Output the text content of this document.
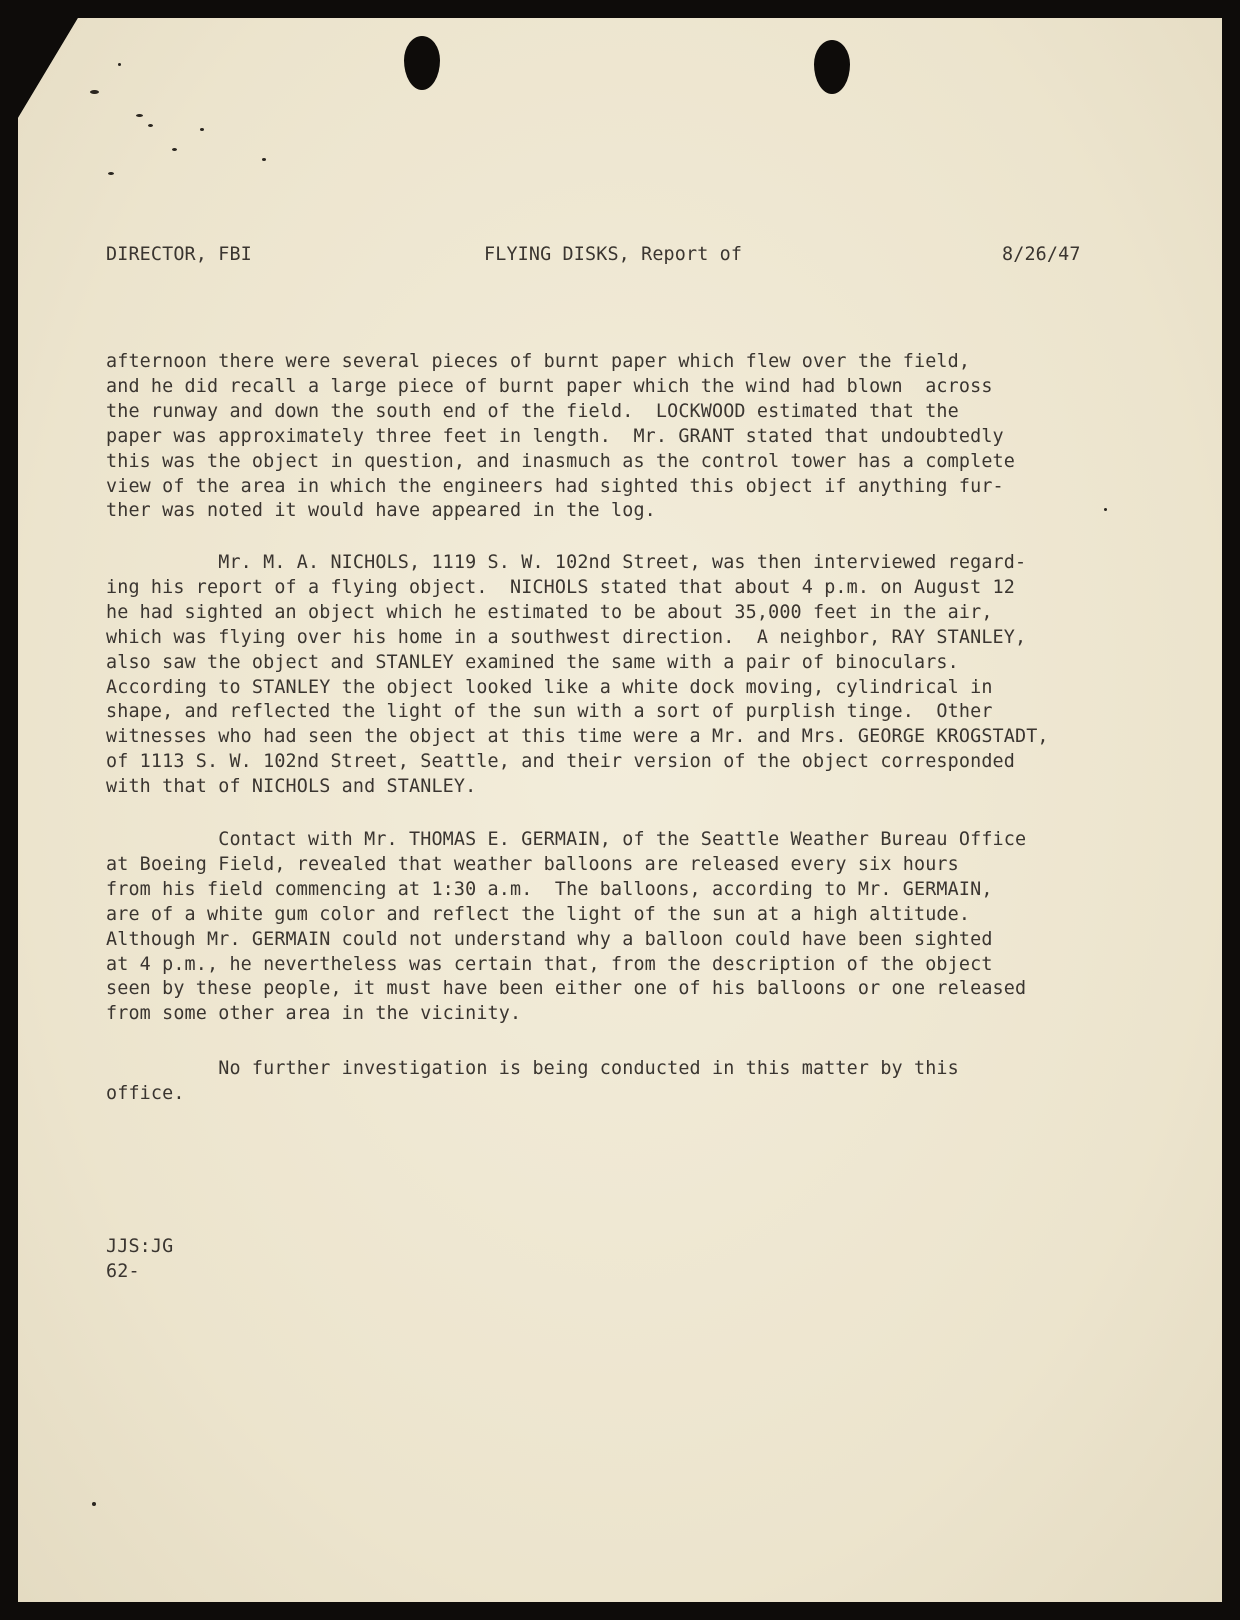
DIRECTOR, FBI	FLYING DISKS, Report of	8/26/47
afternoon there were several pieces of burnt paper which flew over the field,
and he did recall a large piece of burnt paper which the wind had blown  across
the runway and down the south end of the field.  LOCKWOOD estimated that the
paper was approximately three feet in length.  Mr. GRANT stated that undoubtedly
this was the object in question, and inasmuch as the control tower has a complete
view of the area in which the engineers had sighted this object if anything fur-
ther was noted it would have appeared in the log.
Mr. M. A. NICHOLS, 1119 S. W. 102nd Street, was then interviewed regard-
ing his report of a flying object.  NICHOLS stated that about 4 p.m. on August 12
he had sighted an object which he estimated to be about 35,000 feet in the air,
which was flying over his home in a southwest direction.  A neighbor, RAY STANLEY,
also saw the object and STANLEY examined the same with a pair of binoculars.
According to STANLEY the object looked like a white dock moving, cylindrical in
shape, and reflected the light of the sun with a sort of purplish tinge.  Other
witnesses who had seen the object at this time were a Mr. and Mrs. GEORGE KROGSTADT,
of 1113 S. W. 102nd Street, Seattle, and their version of the object corresponded
with that of NICHOLS and STANLEY.
Contact with Mr. THOMAS E. GERMAIN, of the Seattle Weather Bureau Office
at Boeing Field, revealed that weather balloons are released every six hours
from his field commencing at 1:30 a.m.  The balloons, according to Mr. GERMAIN,
are of a white gum color and reflect the light of the sun at a high altitude.
Although Mr. GERMAIN could not understand why a balloon could have been sighted
at 4 p.m., he nevertheless was certain that, from the description of the object
seen by these people, it must have been either one of his balloons or one released
from some other area in the vicinity.
No further investigation is being conducted in this matter by this
office.
JJS:JG
62-
